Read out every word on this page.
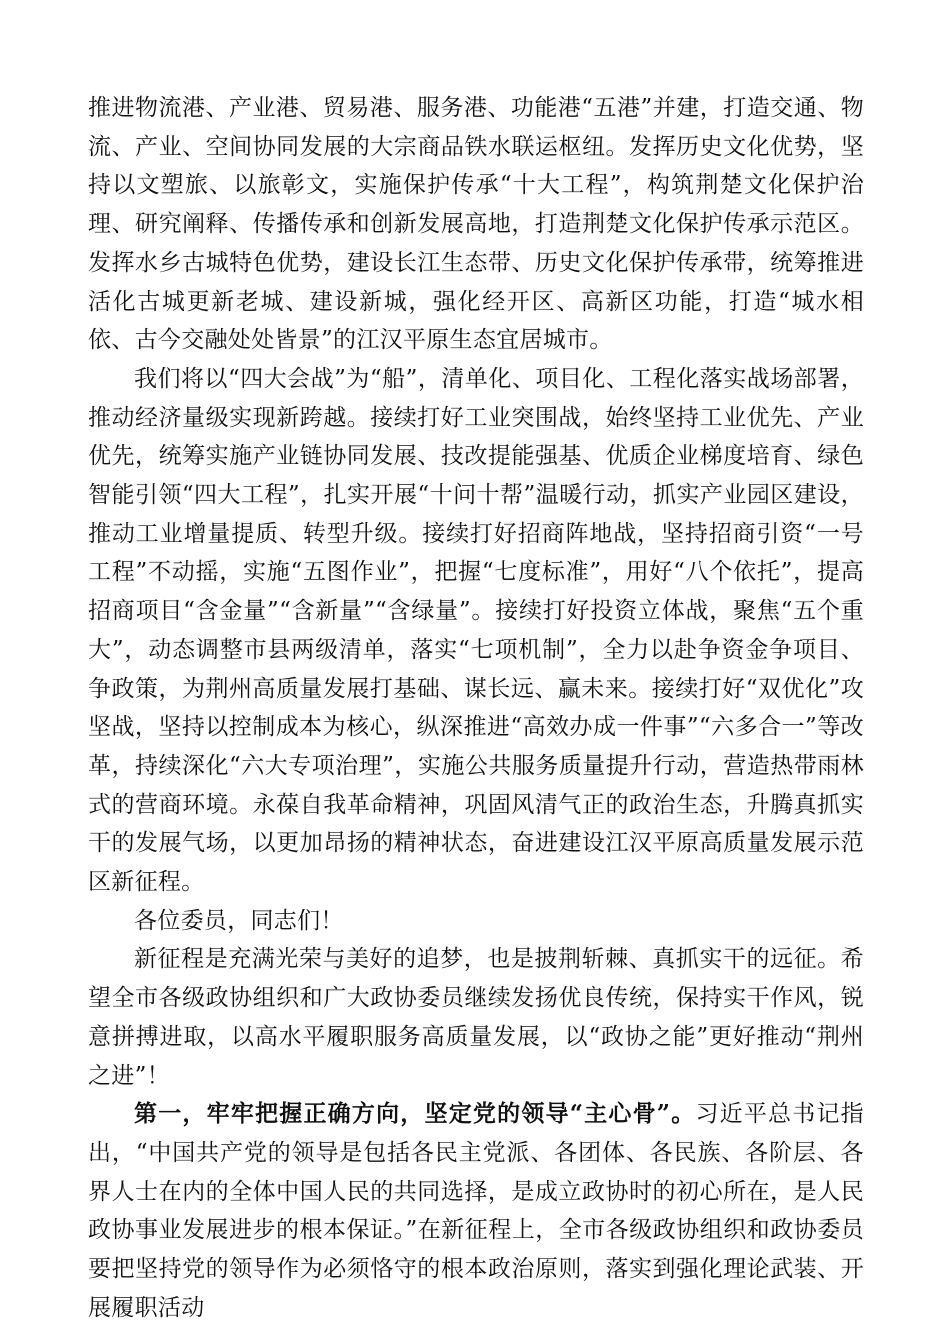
推进物流港、产业港、贸易港、服务港、功能港“五港”并建，打造交通、物流、产业、空间协同发展的大宗商品铁水联运枢纽。发挥历史文化优势，坚持以文塑旅、以旅彰文，实施保护传承“十大工程”，构筑荆楚文化保护治理、研究阐释、传播传承和创新发展高地，打造荆楚文化保护传承示范区。发挥水乡古城特色优势，建设长江生态带、历史文化保护传承带，统筹推进活化古城更新老城、建设新城，强化经开区、高新区功能，打造“城水相依、古今交融处处皆景”的江汉平原生态宜居城市。

我们将以“四大会战”为“船”，清单化、项目化、工程化落实战场部署，推动经济量级实现新跨越。接续打好工业突围战，始终坚持工业优先、产业优先，统筹实施产业链协同发展、技改提能强基、优质企业梯度培育、绿色智能引领“四大工程”，扎实开展“十问十帮”温暖行动，抓实产业园区建设，推动工业增量提质、转型升级。接续打好招商阵地战，坚持招商引资“一号工程”不动摇，实施“五图作业”，把握“七度标准”，用好“八个依托”，提高招商项目“含金量”“含新量”“含绿量”。接续打好投资立体战，聚焦“五个重大”，动态调整市县两级清单，落实“七项机制”，全力以赴争资金争项目、争政策，为荆州高质量发展打基础、谋长远、赢未来。接续打好“双优化”攻坚战，坚持以控制成本为核心，纵深推进“高效办成一件事”“六多合一”等改革，持续深化“六大专项治理”，实施公共服务质量提升行动，营造热带雨林式的营商环境。永葆自我革命精神，巩固风清气正的政治生态，升腾真抓实干的发展气场，以更加昂扬的精神状态，奋进建设江汉平原高质量发展示范区新征程。

各位委员，同志们！

新征程是充满光荣与美好的追梦，也是披荆斩棘、真抓实干的远征。希望全市各级政协组织和广大政协委员继续发扬优良传统，保持实干作风，锐意拼搏进取，以高水平履职服务高质量发展，以“政协之能”更好推动“荆州之进”！

第一，牢牢把握正确方向，坚定党的领导“主心骨”。习近平总书记指出，“中国共产党的领导是包括各民主党派、各团体、各民族、各阶层、各界人士在内的全体中国人民的共同选择，是成立政协时的初心所在，是人民政协事业发展进步的根本保证。”在新征程上，全市各级政协组织和政协委员要把坚持党的领导作为必须恪守的根本政治原则，落实到强化理论武装、开展履职活动
